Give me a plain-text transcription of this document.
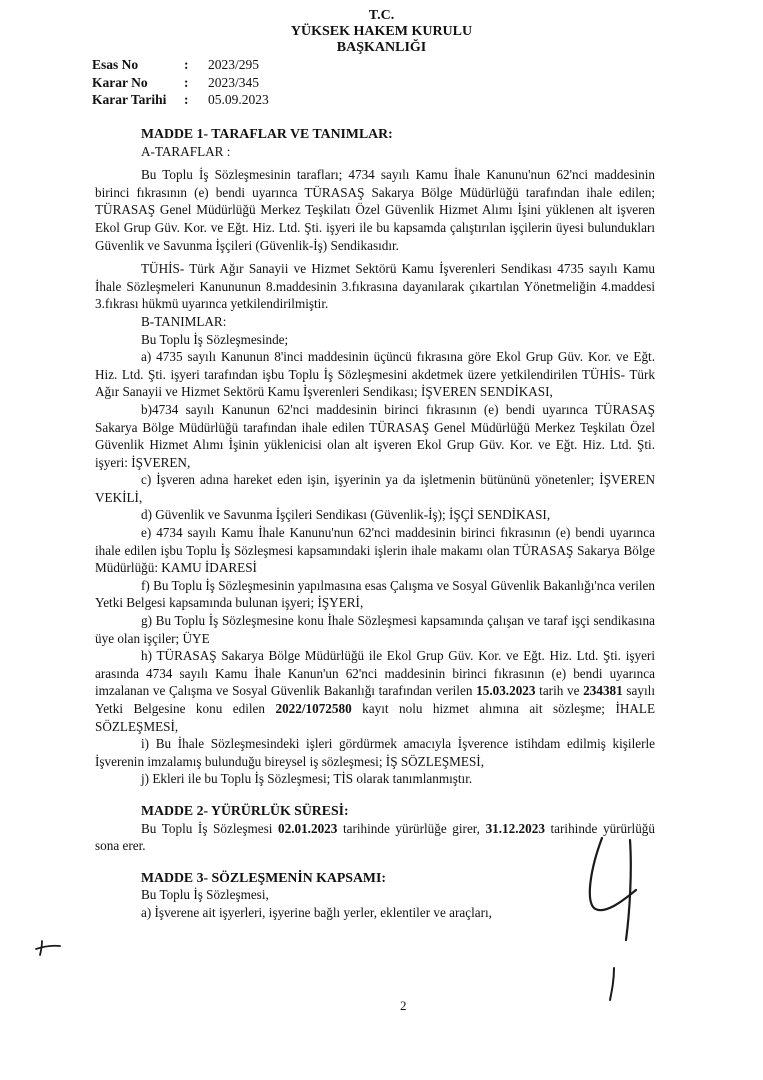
T.C.
YÜKSEK HAKEM KURULU
BAŞKANLIĞI
Esas No	:	2023/295
Karar No	:	2023/345
Karar Tarihi	:	05.09.2023
MADDE 1- TARAFLAR VE TANIMLAR:
A-TARAFLAR :

Bu Toplu İş Sözleşmesinin tarafları; 4734 sayılı Kamu İhale Kanunu'nun 62'nci maddesinin birinci fıkrasının (e) bendi uyarınca TÜRASAŞ Sakarya Bölge Müdürlüğü tarafından ihale edilen; TÜRASAŞ Genel Müdürlüğü Merkez Teşkilatı Özel Güvenlik Hizmet Alımı İşini yüklenen alt işveren Ekol Grup Güv. Kor. ve Eğt. Hiz. Ltd. Şti. işyeri ile bu kapsamda çalıştırılan işçilerin üyesi bulundukları Güvenlik ve Savunma İşçileri (Güvenlik-İş) Sendikasıdır.

TÜHİS- Türk Ağır Sanayii ve Hizmet Sektörü Kamu İşverenleri Sendikası 4735 sayılı Kamu İhale Sözleşmeleri Kanununun 8.maddesinin 3.fıkrasına dayanılarak çıkartılan Yönetmeliğin 4.maddesi 3.fıkrası hükmü uyarınca yetkilendirilmiştir.

B-TANIMLAR:
Bu Toplu İş Sözleşmesinde;

a) 4735 sayılı Kanunun 8'inci maddesinin üçüncü fıkrasına göre Ekol Grup Güv. Kor. ve Eğt. Hiz. Ltd. Şti. işyeri tarafından işbu Toplu İş Sözleşmesini akdetmek üzere yetkilendirilen TÜHİS- Türk Ağır Sanayii ve Hizmet Sektörü Kamu İşverenleri Sendikası; İŞVEREN SENDİKASI,

b)4734 sayılı Kanunun 62'nci maddesinin birinci fıkrasının (e) bendi uyarınca TÜRASAŞ Sakarya Bölge Müdürlüğü tarafından ihale edilen TÜRASAŞ Genel Müdürlüğü Merkez Teşkilatı Özel Güvenlik Hizmet Alımı İşinin yüklenicisi olan alt işveren Ekol Grup Güv. Kor. ve Eğt. Hiz. Ltd. Şti. işyeri: İŞVEREN,

c) İşveren adına hareket eden işin, işyerinin ya da işletmenin bütününü yönetenler; İŞVEREN VEKİLİ,

d) Güvenlik ve Savunma İşçileri Sendikası (Güvenlik-İş); İŞÇİ SENDİKASI,

e) 4734 sayılı Kamu İhale Kanunu'nun 62'nci maddesinin birinci fıkrasının (e) bendi uyarınca ihale edilen işbu Toplu İş Sözleşmesi kapsamındaki işlerin ihale makamı olan TÜRASAŞ Sakarya Bölge Müdürlüğü: KAMU İDARESİ

f) Bu Toplu İş Sözleşmesinin yapılmasına esas Çalışma ve Sosyal Güvenlik Bakanlığı'nca verilen Yetki Belgesi kapsamında bulunan işyeri; İŞYERİ,

g) Bu Toplu İş Sözleşmesine konu İhale Sözleşmesi kapsamında çalışan ve taraf işçi sendikasına üye olan işçiler; ÜYE

h) TÜRASAŞ Sakarya Bölge Müdürlüğü ile Ekol Grup Güv. Kor. ve Eğt. Hiz. Ltd. Şti. işyeri arasında 4734 sayılı Kamu İhale Kanun'un 62'nci maddesinin birinci fıkrasının (e) bendi uyarınca imzalanan ve Çalışma ve Sosyal Güvenlik Bakanlığı tarafından verilen 15.03.2023 tarih ve 234381 sayılı Yetki Belgesine konu edilen 2022/1072580 kayıt nolu hizmet alımına ait sözleşme; İHALE SÖZLEŞMESİ,

i) Bu İhale Sözleşmesindeki işleri gördürmek amacıyla İşverence istihdam edilmiş kişilerle İşverenin imzalamış bulunduğu bireysel iş sözleşmesi; İŞ SÖZLEŞMESİ,

j) Ekleri ile bu Toplu İş Sözleşmesi; TİS olarak tanımlanmıştır.

MADDE 2- YÜRÜRLÜK SÜRESİ:

Bu Toplu İş Sözleşmesi 02.01.2023 tarihinde yürürlüğe girer, 31.12.2023 tarihinde yürürlüğü sona erer.

MADDE 3- SÖZLEŞMENİN KAPSAMI:
Bu Toplu İş Sözleşmesi,
a) İşverene ait işyerleri, işyerine bağlı yerler, eklentiler ve araçları,
2
